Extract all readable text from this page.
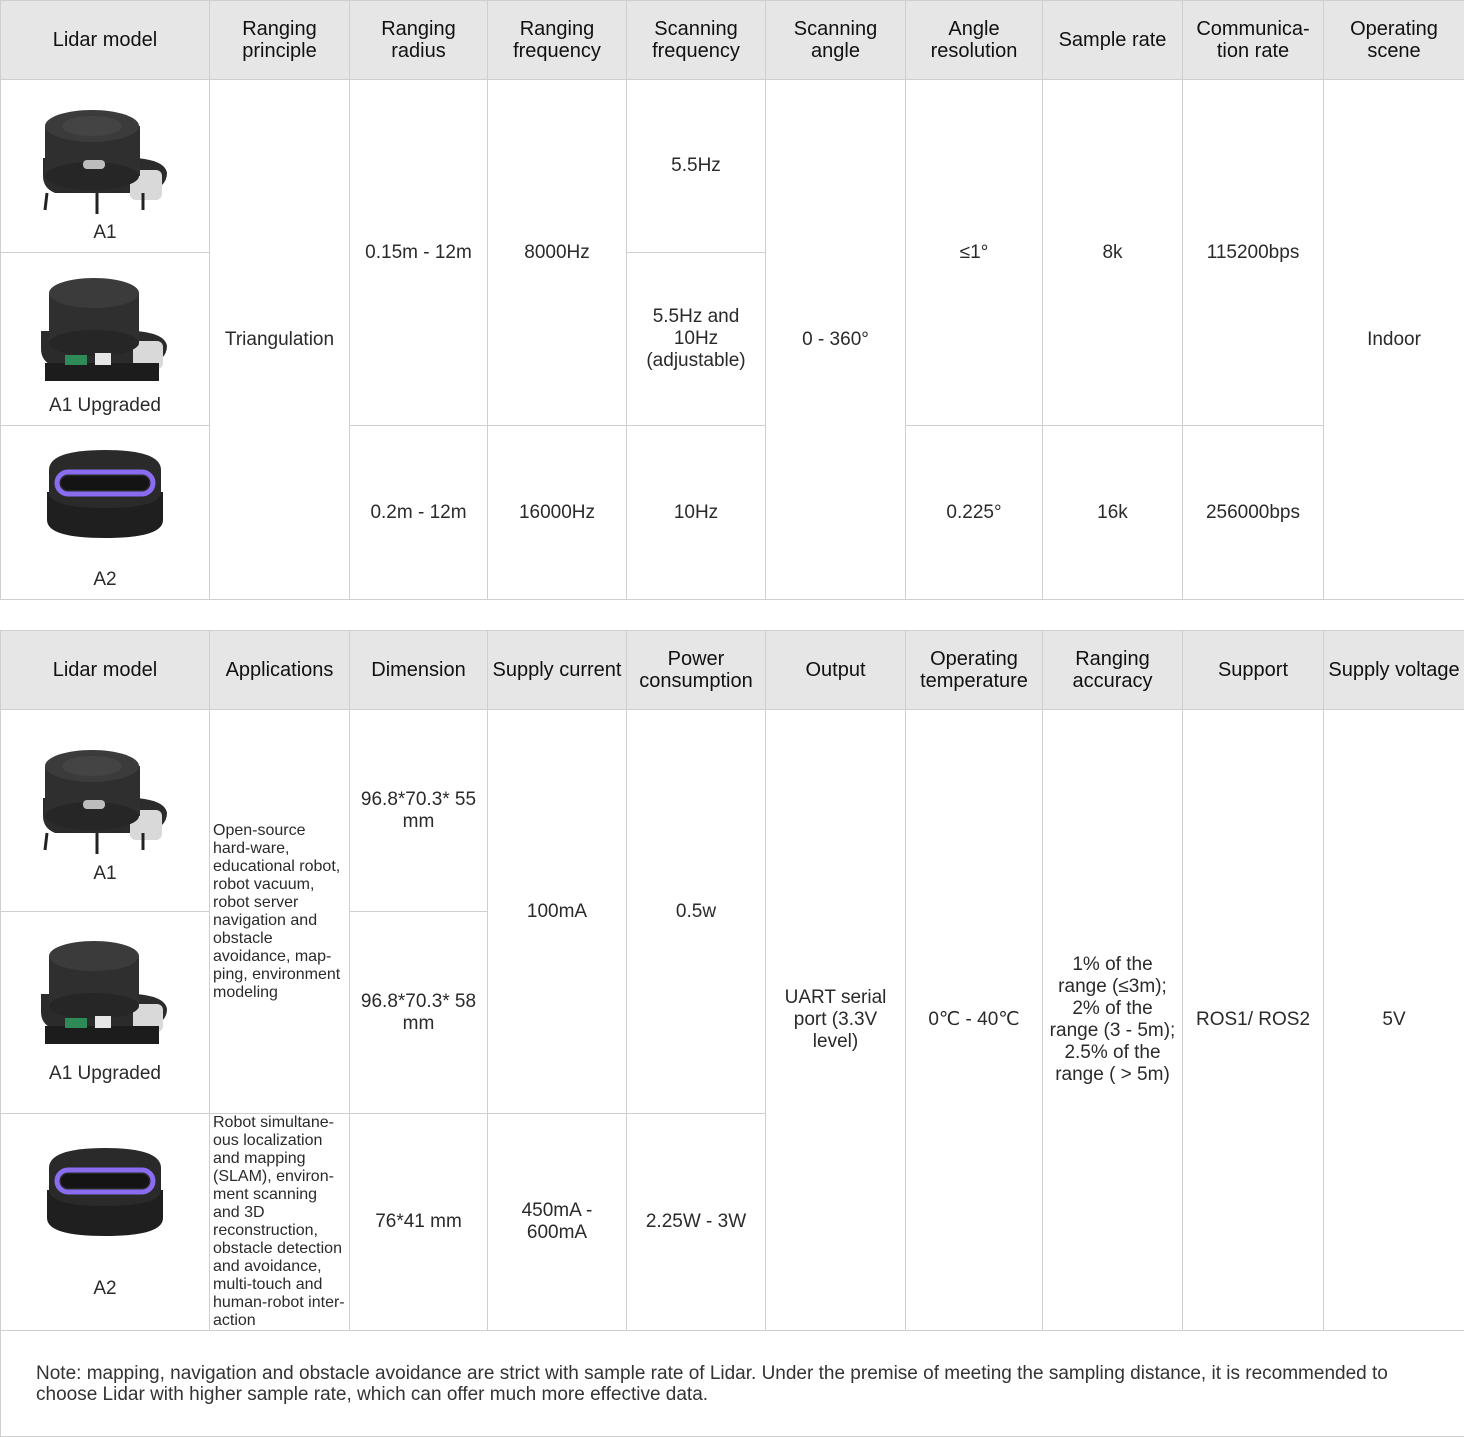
Lidar model	Ranging principle	Ranging radius	Ranging frequency	Scanning frequency	Scanning angle	Angle resolution	Sample rate	Communica-tion rate	Operating scene

A1	Triangulation	0.15m - 12m	8000Hz	5.5Hz	0 - 360°	≤1°	8k	115200bps	Indoor

A1 Upgraded				5.5Hz and 10Hz (adjustable)					

A2		0.2m - 12m	16000Hz	10Hz		0.225°	16k	256000bps	
Lidar model	Applications	Dimension	Supply current	Power consumption	Output	Operating temperature	Ranging accuracy	Support	Supply voltage

A1	Open-source hard-ware, educational robot, robot vacuum, robot server navigation and obstacle avoidance, map-ping, environment modeling	96.8*70.3* 55 mm	100mA	0.5w	UART serial port (3.3V level)	0℃ - 40℃	1% of the range (≤3m); 2% of the range (3 - 5m); 2.5% of the range ( > 5m)	ROS1/ ROS2	5V

A1 Upgraded		96.8*70.3* 58 mm							

A2	Robot simultane-ous localization and mapping (SLAM), environ-ment scanning and 3D reconstruction, obstacle detection and avoidance, multi-touch and human-robot inter-action	76*41 mm	450mA - 600mA	2.25W - 3W					
Note: mapping, navigation and obstacle avoidance are strict with sample rate of Lidar. Under the premise of meeting the sampling distance, it is recommended to choose Lidar with higher sample rate, which can offer much more effective data.									
